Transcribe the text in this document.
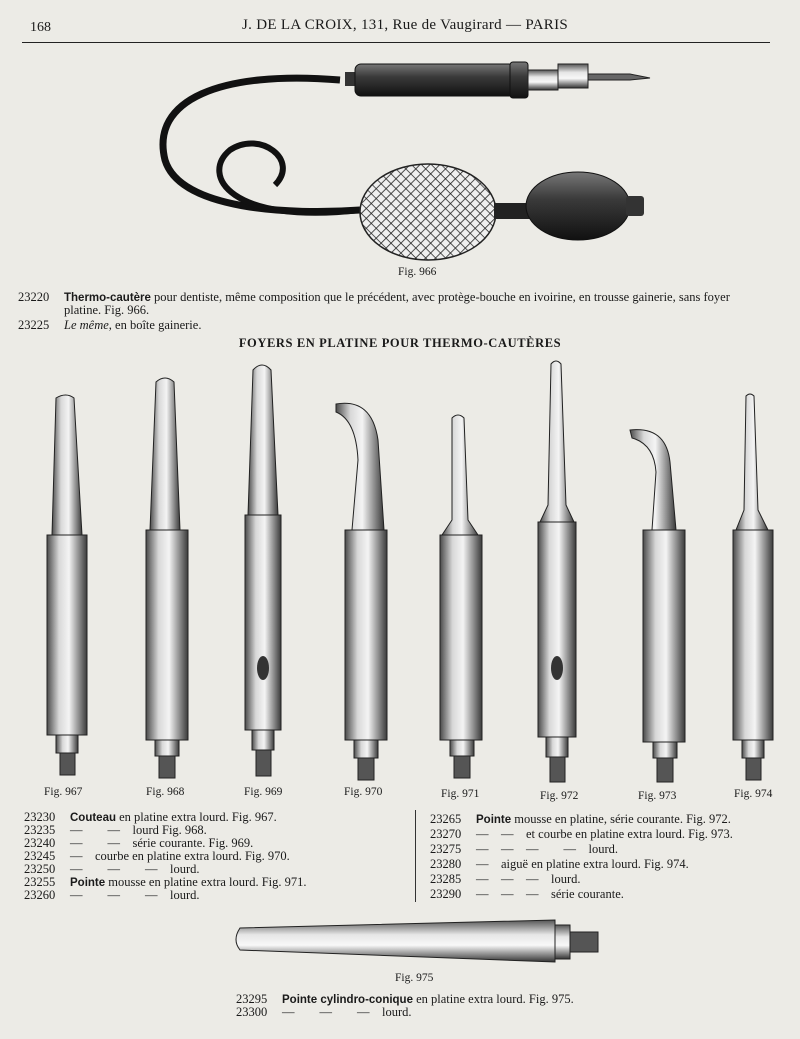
168	J. DE LA CROIX, 131, Rue de Vaugirard — PARIS
Fig. 966
23220 Thermo-cautère pour dentiste, même composition que le précédent, avec protège-bouche en ivoirine, en trousse gainerie, sans foyer
platine. Fig. 966.
23225 Le même, en boîte gainerie.
FOYERS EN PLATINE POUR THERMO-CAUTÈRES
Fig. 967	Fig. 968	Fig. 969	Fig. 970	Fig. 971	Fig. 972	Fig. 973	Fig. 974
23230 Couteau en platine extra lourd. Fig. 967.
23235 —        —    lourd Fig. 968.
23240 —        —    série courante. Fig. 969.
23245 —    courbe en platine extra lourd. Fig. 970.
23250 —        —        —    lourd.
23255 Pointe mousse en platine extra lourd. Fig. 971.
23260 —        —        —    lourd.
23265 Pointe mousse en platine, série courante. Fig. 972.
23270 —    —    et courbe en platine extra lourd. Fig. 973.
23275 —    —    —        —    lourd.
23280 —    aiguë en platine extra lourd. Fig. 974.
23285 —    —    —    lourd.
23290 —    —    —    série courante.
Fig. 975
23295 Pointe cylindro-conique en platine extra lourd. Fig. 975.
23300 —        —        —    lourd.
